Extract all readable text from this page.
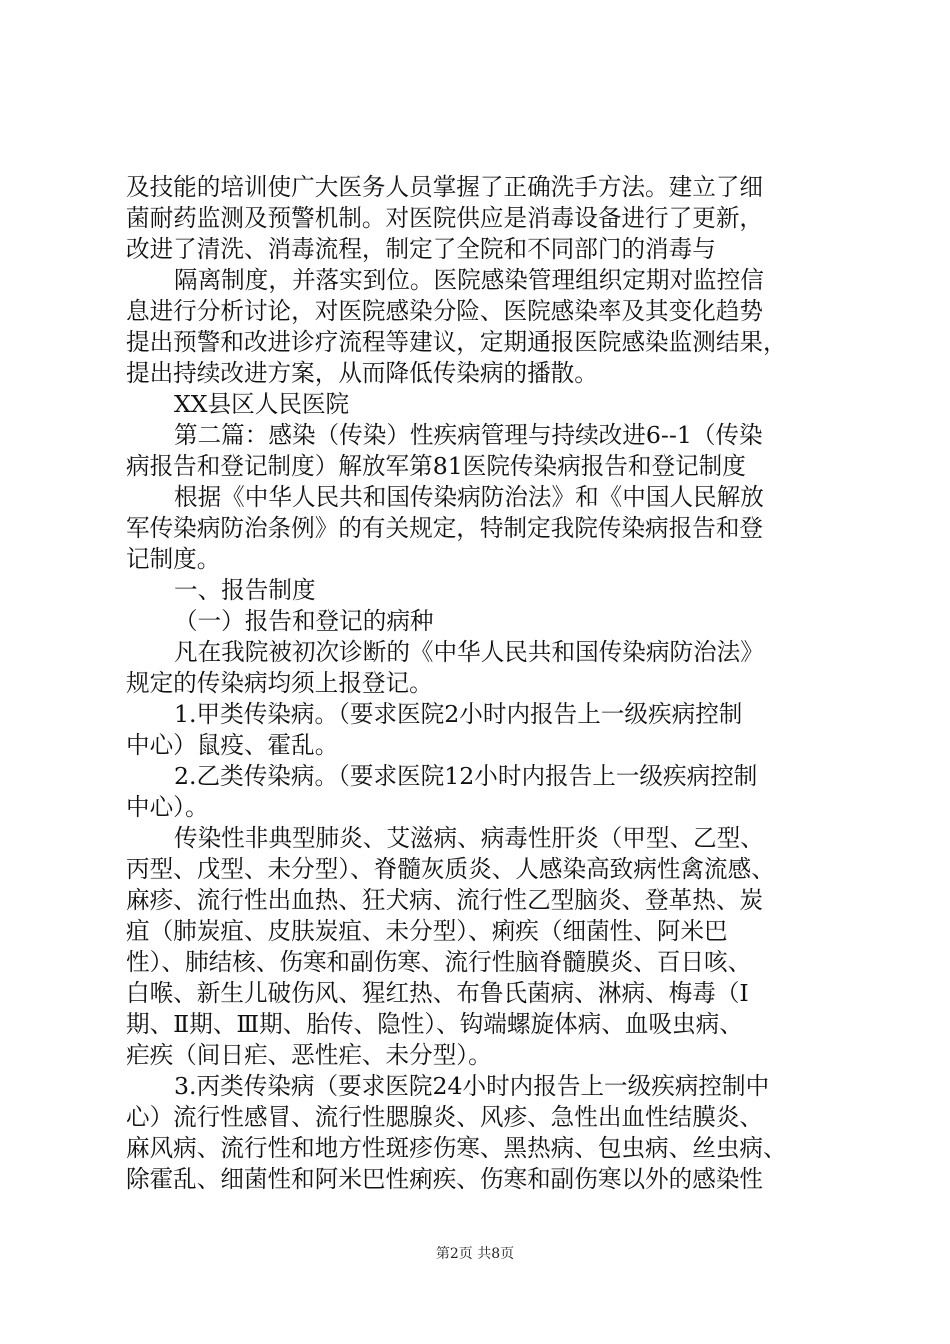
及技能的培训使广大医务人员掌握了正确洗手方法。建立了细
菌耐药监测及预警机制。对医院供应是消毒设备进行了更新，
改进了清洗、消毒流程，制定了全院和不同部门的消毒与
隔离制度，并落实到位。医院感染管理组织定期对监控信
息进行分析讨论，对医院感染分险、医院感染率及其变化趋势
提出预警和改进诊疗流程等建议，定期通报医院感染监测结果，
提出持续改进方案，从而降低传染病的播散。
XX县区人民医院
第二篇：感染（传染）性疾病管理与持续改进6--1（传染
病报告和登记制度）解放军第81医院传染病报告和登记制度
根据《中华人民共和国传染病防治法》和《中国人民解放
军传染病防治条例》的有关规定，特制定我院传染病报告和登
记制度。
一、报告制度
（一）报告和登记的病种
凡在我院被初次诊断的《中华人民共和国传染病防治法》
规定的传染病均须上报登记。
1.甲类传染病。（要求医院2小时内报告上一级疾病控制
中心）鼠疫、霍乱。
2.乙类传染病。（要求医院12小时内报告上一级疾病控制
中心）。
传染性非典型肺炎、艾滋病、病毒性肝炎（甲型、乙型、
丙型、戊型、未分型）、脊髓灰质炎、人感染高致病性禽流感、
麻疹、流行性出血热、狂犬病、流行性乙型脑炎、登革热、炭
疽（肺炭疽、皮肤炭疽、未分型）、痢疾（细菌性、阿米巴
性）、肺结核、伤寒和副伤寒、流行性脑脊髓膜炎、百日咳、
白喉、新生儿破伤风、猩红热、布鲁氏菌病、淋病、梅毒（Ⅰ
期、Ⅱ期、Ⅲ期、胎传、隐性）、钩端螺旋体病、血吸虫病、
疟疾（间日疟、恶性疟、未分型）。
3.丙类传染病（要求医院24小时内报告上一级疾病控制中
心）流行性感冒、流行性腮腺炎、风疹、急性出血性结膜炎、
麻风病、流行性和地方性斑疹伤寒、黑热病、包虫病、丝虫病、
除霍乱、细菌性和阿米巴性痢疾、伤寒和副伤寒以外的感染性
第2页 共8页
